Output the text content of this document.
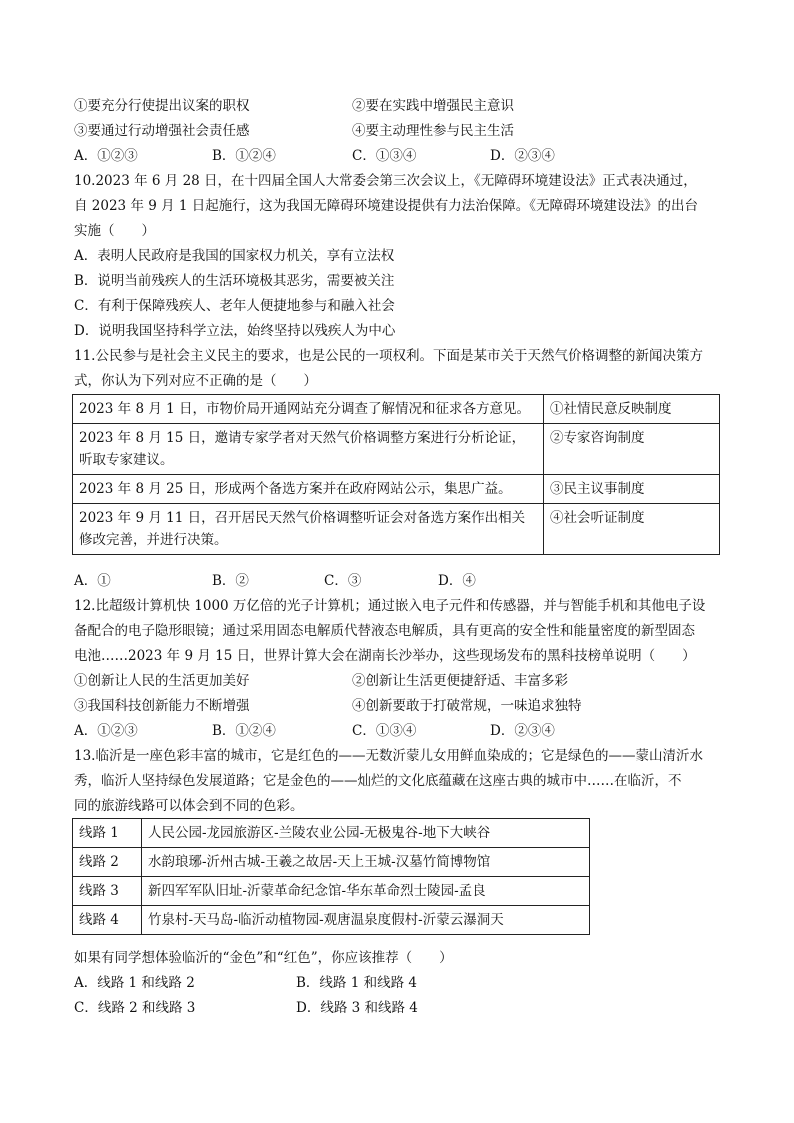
①要充分行使提出议案的职权	②要在实践中增强民主意识
③要通过行动增强社会责任感	④要主动理性参与民主生活
A．①②③	B．①②④	C．①③④	D．②③④
10.2023 年 6 月 28 日，在十四届全国人大常委会第三次会议上，《无障碍环境建设法》正式表决通过，
自 2023 年 9 月 1 日起施行，这为我国无障碍环境建设提供有力法治保障。《无障碍环境建设法》的出台
实施（　　）
A．表明人民政府是我国的国家权力机关，享有立法权
B．说明当前残疾人的生活环境极其恶劣，需要被关注
C．有利于保障残疾人、老年人便捷地参与和融入社会
D．说明我国坚持科学立法，始终坚持以残疾人为中心
11.公民参与是社会主义民主的要求，也是公民的一项权利。下面是某市关于天然气价格调整的新闻决策方
式，你认为下列对应不正确的是（　　）
2023 年 8 月 1 日，市物价局开通网站充分调查了解情况和征求各方意见。	①社情民意反映制度

2023 年 8 月 15 日，邀请专家学者对天然气价格调整方案进行分析论证，
听取专家建议。	②专家咨询制度

2023 年 8 月 25 日，形成两个备选方案并在政府网站公示，集思广益。	③民主议事制度

2023 年 9 月 11 日，召开居民天然气价格调整听证会对备选方案作出相关
修改完善，并进行决策。	④社会听证制度
A．①	B．②	C．③	D．④
12.比超级计算机快 1000 万亿倍的光子计算机；通过嵌入电子元件和传感器，并与智能手机和其他电子设
备配合的电子隐形眼镜；通过采用固态电解质代替液态电解质，具有更高的安全性和能量密度的新型固态
电池……2023 年 9 月 15 日，世界计算大会在湖南长沙举办，这些现场发布的黑科技榜单说明（　　）
①创新让人民的生活更加美好	②创新让生活更便捷舒适、丰富多彩
③我国科技创新能力不断增强	④创新要敢于打破常规，一味追求独特
A．①②③	B．①②④	C．①③④	D．②③④
13.临沂是一座色彩丰富的城市，它是红色的——无数沂蒙儿女用鲜血染成的；它是绿色的——蒙山清沂水
秀，临沂人坚持绿色发展道路；它是金色的——灿烂的文化底蕴藏在这座古典的城市中……在临沂，不
同的旅游线路可以体会到不同的色彩。
线路 1	人民公园-龙园旅游区-兰陵农业公园-无极鬼谷-地下大峡谷
线路 2	水韵琅琊-沂州古城-王羲之故居-天上王城-汉墓竹简博物馆
线路 3	新四军军队旧址-沂蒙革命纪念馆-华东革命烈士陵园-孟良
线路 4	竹泉村-天马岛-临沂动植物园-观唐温泉度假村-沂蒙云瀑洞天
如果有同学想体验临沂的“金色”和“红色”，你应该推荐（　　）
A．线路 1 和线路 2	B．线路 1 和线路 4
C．线路 2 和线路 3	D．线路 3 和线路 4
